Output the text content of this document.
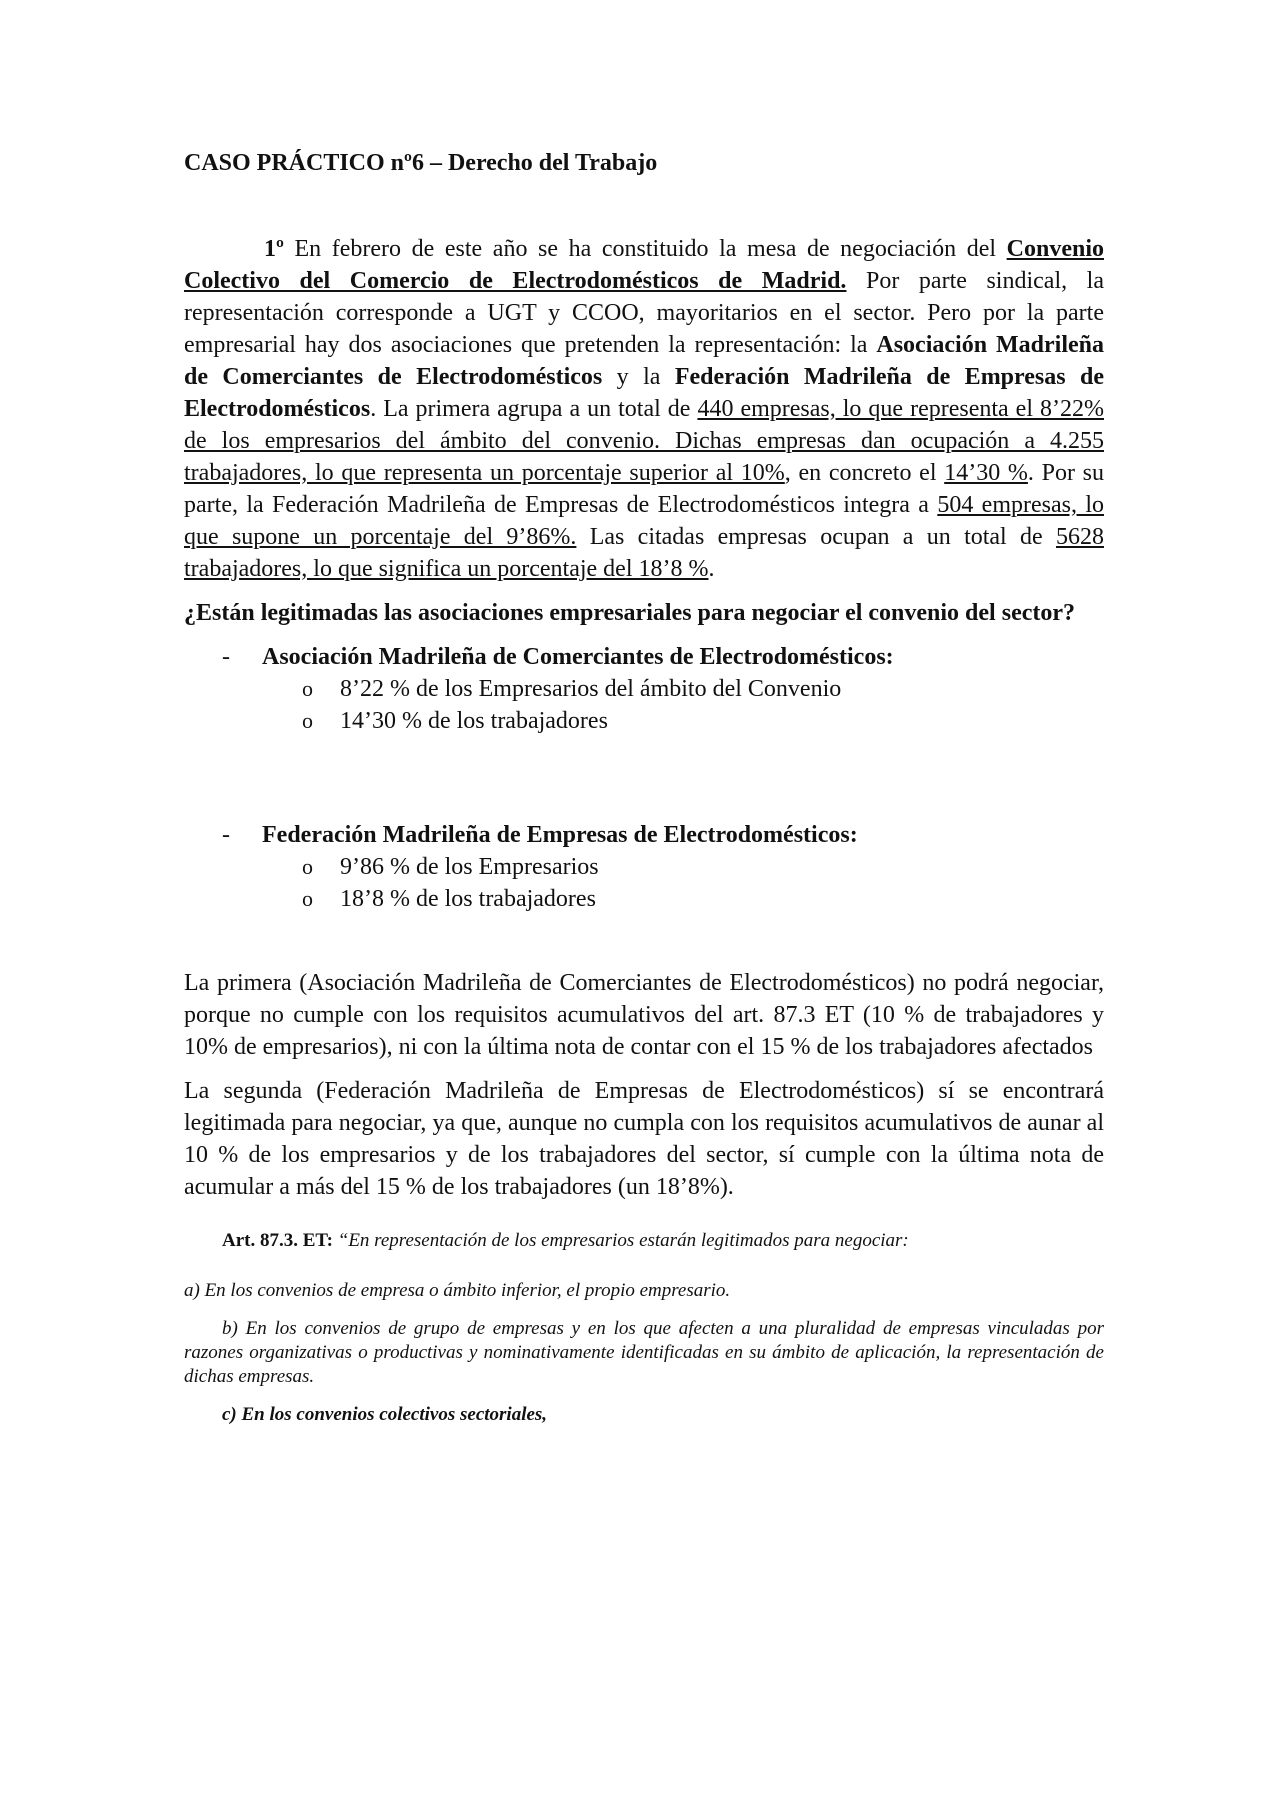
CASO PRÁCTICO nº6 – Derecho del Trabajo

1º En febrero de este año se ha constituido la mesa de negociación del Convenio Colectivo del Comercio de Electrodomésticos de Madrid. Por parte sindical, la representación corresponde a UGT y CCOO, mayoritarios en el sector. Pero por la parte empresarial hay dos asociaciones que pretenden la representación: la Asociación Madrileña de Comerciantes de Electrodomésticos y la Federación Madrileña de Empresas de Electrodomésticos. La primera agrupa a un total de 440 empresas, lo que representa el 8’22% de los empresarios del ámbito del convenio. Dichas empresas dan ocupación a 4.255 trabajadores, lo que representa un porcentaje superior al 10%, en concreto el 14’30 %. Por su parte, la Federación Madrileña de Empresas de Electrodomésticos integra a 504 empresas, lo que supone un porcentaje del 9’86%. Las citadas empresas ocupan a un total de 5628 trabajadores, lo que significa un porcentaje del 18’8 %.

¿Están legitimadas las asociaciones empresariales para negociar el convenio del sector?

- Asociación Madrileña de Comerciantes de Electrodomésticos:
o 8’22 % de los Empresarios del ámbito del Convenio
o 14’30 % de los trabajadores
- Federación Madrileña de Empresas de Electrodomésticos:
o 9’86 % de los Empresarios
o 18’8 % de los trabajadores

La primera (Asociación Madrileña de Comerciantes de Electrodomésticos) no podrá negociar, porque no cumple con los requisitos acumulativos del art. 87.3 ET (10 % de trabajadores y 10% de empresarios), ni con la última nota de contar con el 15 % de los trabajadores afectados

La segunda (Federación Madrileña de Empresas de Electrodomésticos) sí se encontrará legitimada para negociar, ya que, aunque no cumpla con los requisitos acumulativos de aunar al 10 % de los empresarios y de los trabajadores del sector, sí cumple con la última nota de acumular a más del 15 % de los trabajadores (un 18’8%).

Art. 87.3. ET: “En representación de los empresarios estarán legitimados para negociar:

a) En los convenios de empresa o ámbito inferior, el propio empresario.

b) En los convenios de grupo de empresas y en los que afecten a una pluralidad de empresas vinculadas por razones organizativas o productivas y nominativamente identificadas en su ámbito de aplicación, la representación de dichas empresas.

c) En los convenios colectivos sectoriales,
